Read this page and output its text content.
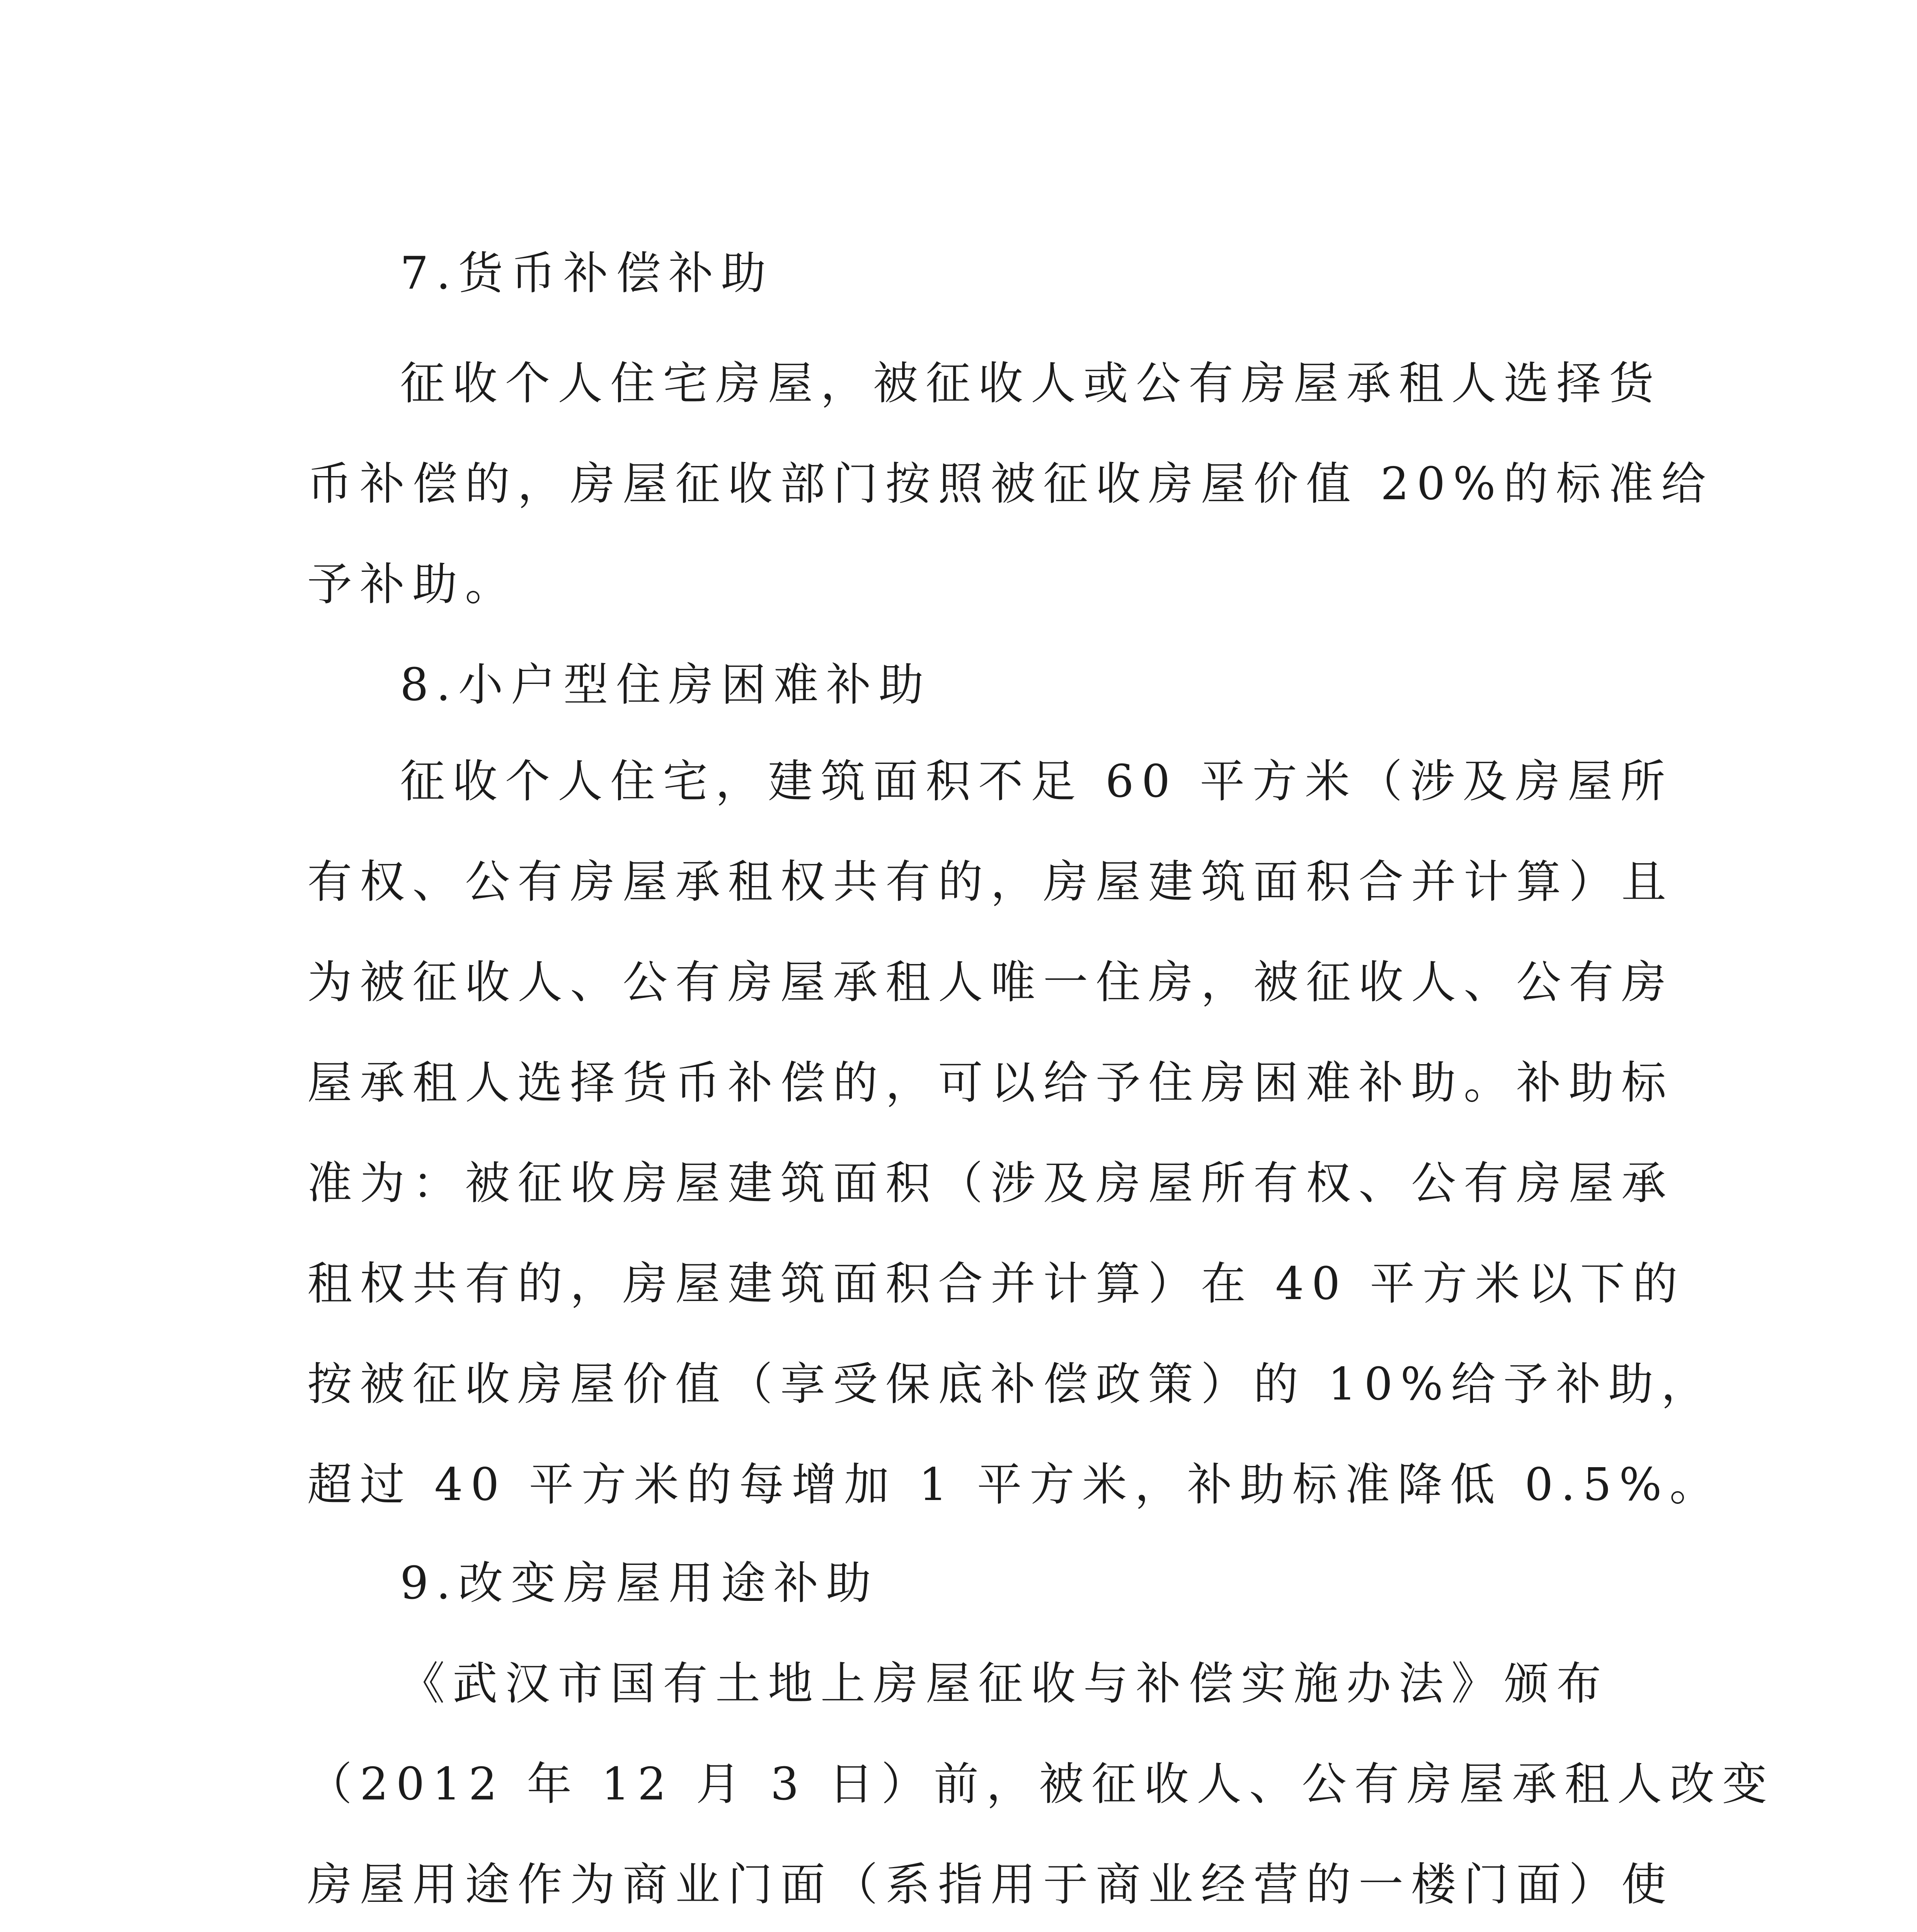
7.货币补偿补助
征收个人住宅房屋，被征收人或公有房屋承租人选择货
币补偿的，房屋征收部门按照被征收房屋价值 20%的标准给
予补助。
8.小户型住房困难补助
征收个人住宅，建筑面积不足 60 平方米（涉及房屋所
有权、公有房屋承租权共有的，房屋建筑面积合并计算）且
为被征收人、公有房屋承租人唯一住房，被征收人、公有房
屋承租人选择货币补偿的，可以给予住房困难补助。补助标
准为：被征收房屋建筑面积（涉及房屋所有权、公有房屋承
租权共有的，房屋建筑面积合并计算）在 40 平方米以下的
按被征收房屋价值（享受保底补偿政策）的 10%给予补助，
超过 40 平方米的每增加 1 平方米，补助标准降低 0.5%。
9.改变房屋用途补助
《武汉市国有土地上房屋征收与补偿实施办法》颁布
（2012 年 12 月 3 日）前，被征收人、公有房屋承租人改变
房屋用途作为商业门面（系指用于商业经营的一楼门面）使
